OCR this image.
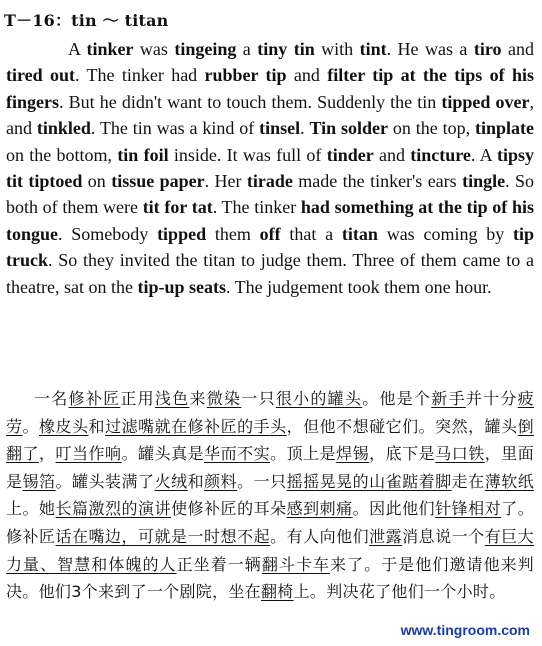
T－16：tin ～ titan
A tinker was tingeing a tiny tin with tint. He was a tiro and tired out. The tinker had rubber tip and filter tip at the tips of his fingers. But he didn't want to touch them. Suddenly the tin tipped over, and tinkled. The tin was a kind of tinsel. Tin solder on the top, tinplate on the bottom, tin foil inside. It was full of tinder and tincture. A tipsy tit tiptoed on tissue paper. Her tirade made the tinker's ears tingle. So both of them were tit for tat. The tinker had something at the tip of his tongue. Somebody tipped them off that a titan was coming by tip truck. So they invited the titan to judge them. Three of them came to a theatre, sat on the tip-up seats. The judgement took them one hour.
一名修补匠正用浅色来微染一只很小的罐头。他是个新手并十分疲劳。橡皮头和过滤嘴就在修补匠的手头，但他不想碰它们。突然，罐头倒翻了，叮当作响。罐头真是华而不实。顶上是焊锡，底下是马口铁，里面是锡箔。罐头装满了火绒和颜料。一只摇摇晃晃的山雀踮着脚走在薄软纸上。她长篇激烈的演讲使修补匠的耳朵感到刺痛。因此他们针锋相对了。修补匠话在嘴边，可就是一时想不起。有人向他们泄露消息说一个有巨大力量、智慧和体魄的人正坐着一辆翻斗卡车来了。于是他们邀请他来判决。他们3个来到了一个剧院，坐在翻椅上。判决花了他们一个小时。
www.tingroom.com
